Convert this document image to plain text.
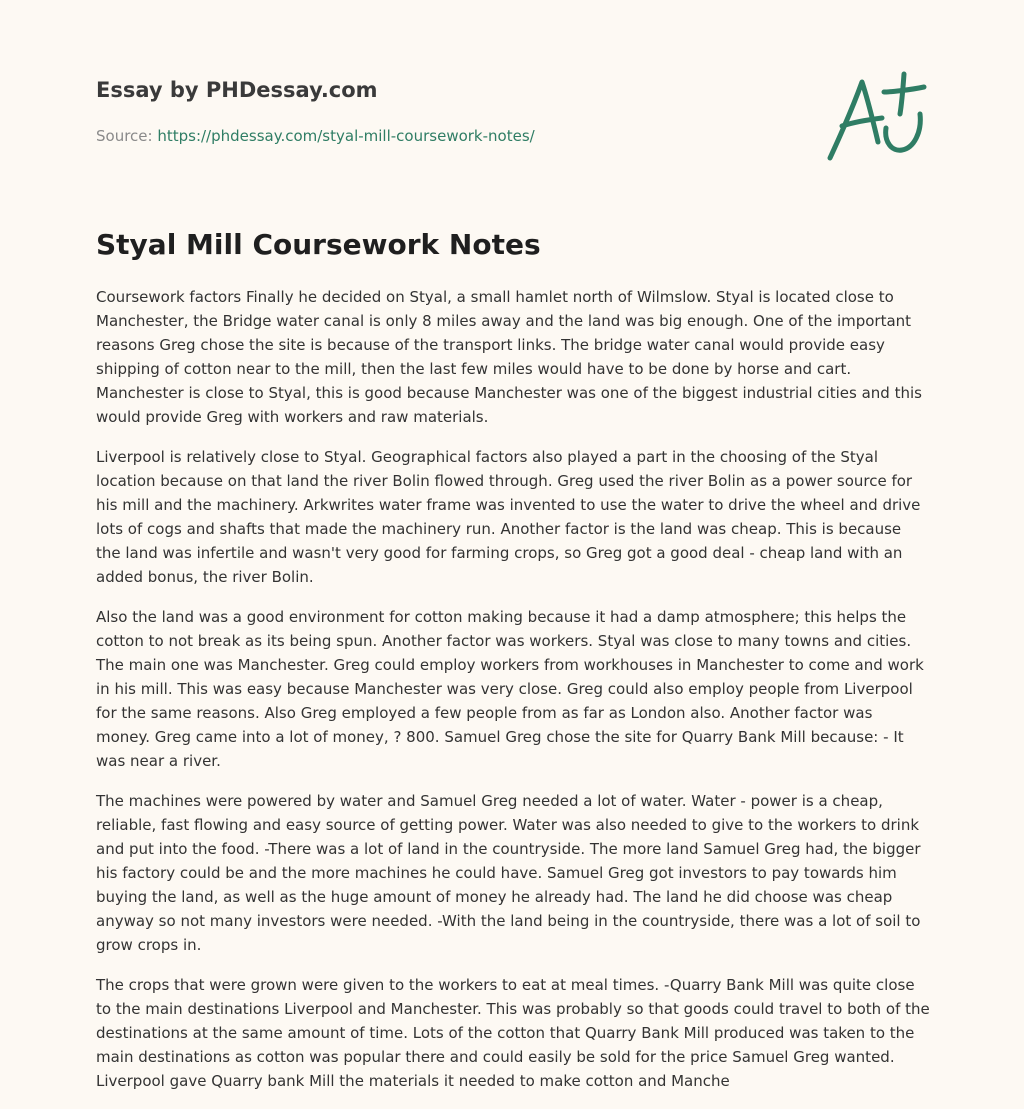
Essay by PHDessay.com
Source: https://phdessay.com/styal-mill-coursework-notes/
Styal Mill Coursework Notes

Coursework factors Finally he decided on Styal, a small hamlet north of Wilmslow. Styal is located close to Manchester, the Bridge water canal is only 8 miles away and the land was big enough. One of the important reasons Greg chose the site is because of the transport links. The bridge water canal would provide easy shipping of cotton near to the mill, then the last few miles would have to be done by horse and cart. Manchester is close to Styal, this is good because Manchester was one of the biggest industrial cities and this would provide Greg with workers and raw materials.

Liverpool is relatively close to Styal. Geographical factors also played a part in the choosing of the Styal location because on that land the river Bolin flowed through. Greg used the river Bolin as a power source for his mill and the machinery. Arkwrites water frame was invented to use the water to drive the wheel and drive lots of cogs and shafts that made the machinery run. Another factor is the land was cheap. This is because the land was infertile and wasn't very good for farming crops, so Greg got a good deal - cheap land with an added bonus, the river Bolin.

Also the land was a good environment for cotton making because it had a damp atmosphere; this helps the cotton to not break as its being spun. Another factor was workers. Styal was close to many towns and cities. The main one was Manchester. Greg could employ workers from workhouses in Manchester to come and work in his mill. This was easy because Manchester was very close. Greg could also employ people from Liverpool for the same reasons. Also Greg employed a few people from as far as London also. Another factor was money. Greg came into a lot of money, ? 800. Samuel Greg chose the site for Quarry Bank Mill because: - It was near a river.

The machines were powered by water and Samuel Greg needed a lot of water. Water - power is a cheap, reliable, fast flowing and easy source of getting power. Water was also needed to give to the workers to drink and put into the food. -There was a lot of land in the countryside. The more land Samuel Greg had, the bigger his factory could be and the more machines he could have. Samuel Greg got investors to pay towards him buying the land, as well as the huge amount of money he already had. The land he did choose was cheap anyway so not many investors were needed. -With the land being in the countryside, there was a lot of soil to grow crops in.

The crops that were grown were given to the workers to eat at meal times. -Quarry Bank Mill was quite close to the main destinations Liverpool and Manchester. This was probably so that goods could travel to both of the destinations at the same amount of time. Lots of the cotton that Quarry Bank Mill produced was taken to the main destinations as cotton was popular there and could easily be sold for the price Samuel Greg wanted. Liverpool gave Quarry bank Mill the materials it needed to make cotton and Manche
